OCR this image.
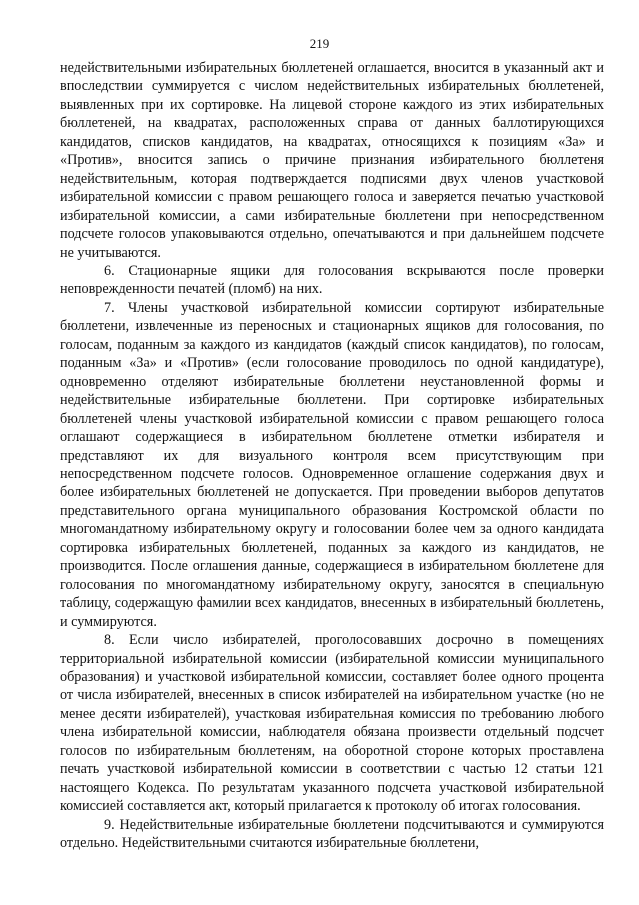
219

недействительными избирательных бюллетеней оглашается, вносится в указанный акт и впоследствии суммируется с числом недействительных избирательных бюллетеней, выявленных при их сортировке. На лицевой стороне каждого из этих избирательных бюллетеней, на квадратах, расположенных справа от данных баллотирующихся кандидатов, списков кандидатов, на квадратах, относящихся к позициям «За» и «Против», вносится запись о причине признания избирательного бюллетеня недействительным, которая подтверждается подписями двух членов участковой избирательной комиссии с правом решающего голоса и заверяется печатью участковой избирательной комиссии, а сами избирательные бюллетени при непосредственном подсчете голосов упаковываются отдельно, опечатываются и при дальнейшем подсчете не учитываются.

6. Стационарные ящики для голосования вскрываются после проверки неповрежденности печатей (пломб) на них.

7. Члены участковой избирательной комиссии сортируют избирательные бюллетени, извлеченные из переносных и стационарных ящиков для голосования, по голосам, поданным за каждого из кандидатов (каждый список кандидатов), по голосам, поданным «За» и «Против» (если голосование проводилось по одной кандидатуре), одновременно отделяют избирательные бюллетени неустановленной формы и недействительные избирательные бюллетени. При сортировке избирательных бюллетеней члены участковой избирательной комиссии с правом решающего голоса оглашают содержащиеся в избирательном бюллетене отметки избирателя и представляют их для визуального контроля всем присутствующим при непосредственном подсчете голосов. Одновременное оглашение содержания двух и более избирательных бюллетеней не допускается. При проведении выборов депутатов представительного органа муниципального образования Костромской области по многомандатному избирательному округу и голосовании более чем за одного кандидата сортировка избирательных бюллетеней, поданных за каждого из кандидатов, не производится. После оглашения данные, содержащиеся в избирательном бюллетене для голосования по многомандатному избирательному округу, заносятся в специальную таблицу, содержащую фамилии всех кандидатов, внесенных в избирательный бюллетень, и суммируются.

8. Если число избирателей, проголосовавших досрочно в помещениях территориальной избирательной комиссии (избирательной комиссии муниципального образования) и участковой избирательной комиссии, составляет более одного процента от числа избирателей, внесенных в список избирателей на избирательном участке (но не менее десяти избирателей), участковая избирательная комиссия по требованию любого члена избирательной комиссии, наблюдателя обязана произвести отдельный подсчет голосов по избирательным бюллетеням, на оборотной стороне которых проставлена печать участковой избирательной комиссии в соответствии с частью 12 статьи 121 настоящего Кодекса. По результатам указанного подсчета участковой избирательной комиссией составляется акт, который прилагается к протоколу об итогах голосования.

9. Недействительные избирательные бюллетени подсчитываются и суммируются отдельно. Недействительными считаются избирательные бюллетени,
